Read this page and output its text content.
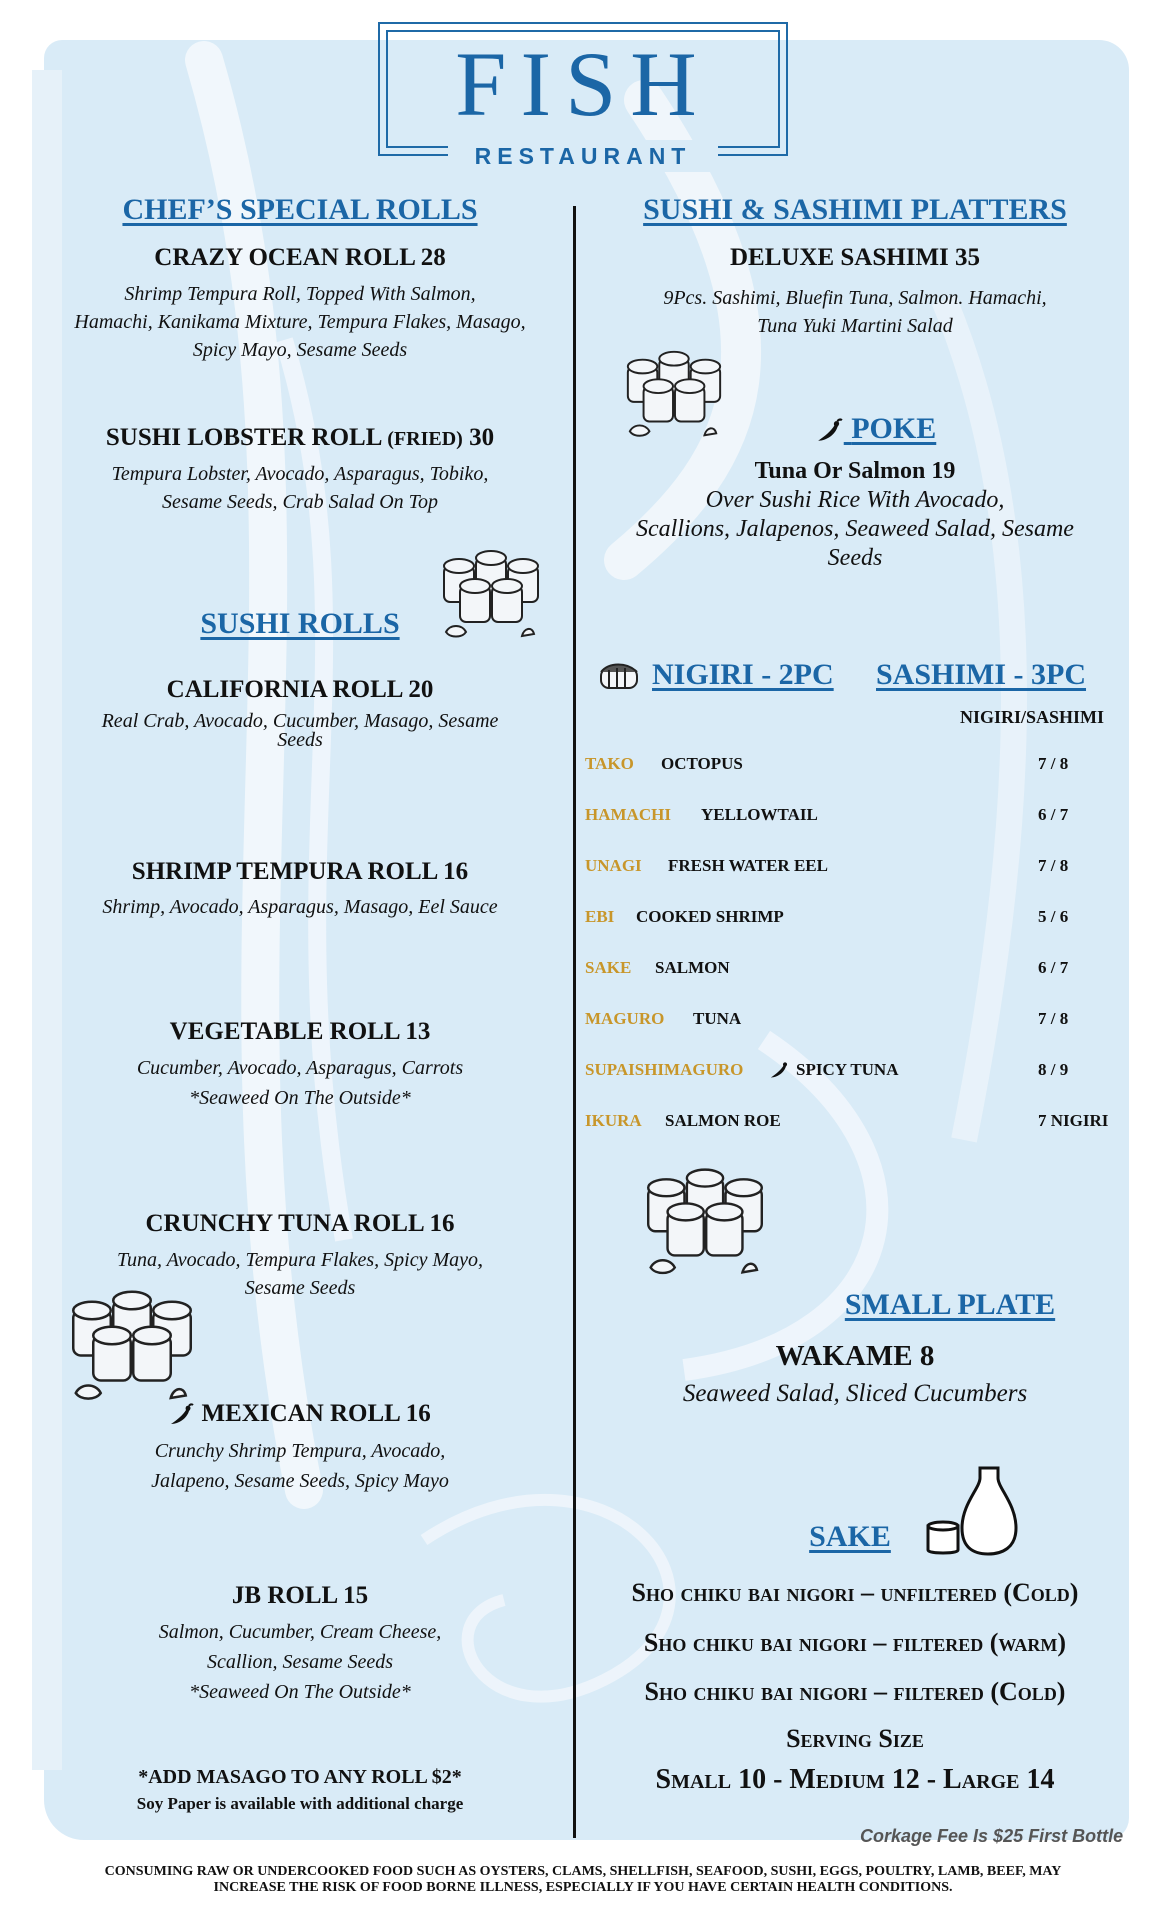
FISH
RESTAURANT
CHEF’S SPECIAL ROLLS
CRAZY OCEAN ROLL 28
Shrimp Tempura Roll, Topped With Salmon,
Hamachi, Kanikama Mixture, Tempura Flakes, Masago,
Spicy Mayo, Sesame Seeds
SUSHI LOBSTER ROLL (FRIED) 30
Tempura Lobster, Avocado, Asparagus, Tobiko,
Sesame Seeds, Crab Salad On Top
SUSHI ROLLS
CALIFORNIA ROLL 20
Real Crab, Avocado, Cucumber, Masago, Sesame
Seeds
SHRIMP TEMPURA ROLL 16
Shrimp, Avocado, Asparagus, Masago, Eel Sauce
VEGETABLE ROLL 13
Cucumber, Avocado, Asparagus, Carrots
*Seaweed On The Outside*
CRUNCHY TUNA ROLL 16
Tuna, Avocado, Tempura Flakes, Spicy Mayo,
Sesame Seeds
MEXICAN ROLL 16
Crunchy Shrimp Tempura, Avocado,
Jalapeno, Sesame Seeds, Spicy Mayo
JB ROLL 15
Salmon, Cucumber, Cream Cheese,
Scallion, Sesame Seeds
*Seaweed On The Outside*
*ADD MASAGO TO ANY ROLL $2*
Soy Paper is available with additional charge
SUSHI & SASHIMI PLATTERS
DELUXE SASHIMI 35
9Pcs. Sashimi, Bluefin Tuna, Salmon. Hamachi,
Tuna Yuki Martini Salad
POKE
Tuna Or Salmon 19
Over Sushi Rice With Avocado,
Scallions, Jalapenos, Seaweed Salad, Sesame
Seeds
NIGIRI - 2PC SASHIMI - 3PC
NIGIRI/SASHIMI
TAKO OCTOPUS	7 / 8
HAMACHI YELLOWTAIL	6 / 7
UNAGI FRESH WATER EEL	7 / 8
EBI COOKED SHRIMP	5 / 6
SAKE SALMON	6 / 7
MAGURO TUNA	7 / 8
SUPAISHIMAGURO	SPICY TUNA	8 / 9
IKURA SALMON ROE	7 NIGIRI
SMALL PLATE
WAKAME 8
Seaweed Salad, Sliced Cucumbers
SAKE
Sho chiku bai nigori – unfiltered (Cold)
Sho chiku bai nigori – filtered (warm)
Sho chiku bai nigori – filtered (Cold)
Serving Size
Small 10 - Medium 12 - Large 14
Corkage Fee Is $25 First Bottle
CONSUMING RAW OR UNDERCOOKED FOOD SUCH AS OYSTERS, CLAMS, SHELLFISH, SEAFOOD, SUSHI, EGGS, POULTRY, LAMB, BEEF, MAY
INCREASE THE RISK OF FOOD BORNE ILLNESS, ESPECIALLY IF YOU HAVE CERTAIN HEALTH CONDITIONS.
